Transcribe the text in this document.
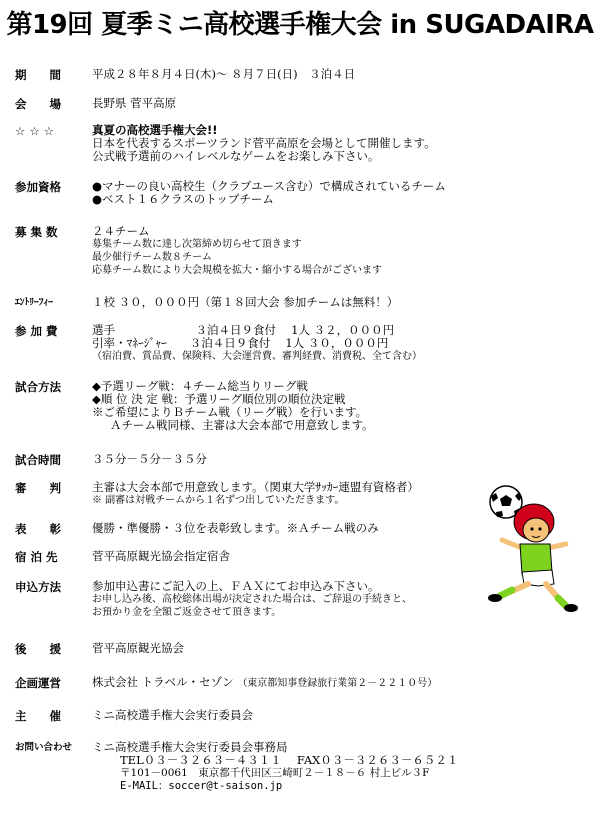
第19回 夏季ミニ高校選手権大会 in SUGADAIRA
期　　間	平成２８年８月４日(木)～ ８月７日(日)　３泊４日
会　　場	長野県 菅平高原
☆ ☆ ☆	真夏の高校選手権大会!!
日本を代表するスポーツランド菅平高原を会場として開催します。
公式戦予選前のハイレベルなゲームをお楽しみ下さい。
参加資格	●マナーの良い高校生（クラブユース含む）で構成されているチーム
●ベスト１６クラスのトップチーム
募 集 数	２４チーム
募集チーム数に達し次第締め切らせて頂きます
最少催行チーム数８チーム
応募チーム数により大会規模を拡大・縮小する場合がございます
ｴﾝﾄﾘｰﾌｨｰ	１校 ３０，０００円（第１８回大会 参加チームは無料！）
参 加 費	選手　　　　　　　３泊４日９食付　 1人 ３２，０００円
引率・ﾏﾈｰｼﾞｬｰ　　３泊４日９食付　 1人 ３０，０００円
（宿泊費、賞品費、保険料、大会運営費、審判経費、消費税、全て含む）
試合方法	◆予選リーグ戦：４チーム総当りリーグ戦
◆順 位 決 定 戦：予選リーグ順位別の順位決定戦
※ご希望によりＢチーム戦（リーグ戦）を行います。
Ａチーム戦同様、主審は大会本部で用意致します。
試合時間	３５分－５分－３５分
審　　判	主審は大会本部で用意致します。（関東大学ｻｯｶｰ連盟有資格者）
※ 副審は対戦チームから１名ずつ出していただきます。
表　　彰	優勝・準優勝・３位を表彰致します。※Ａチーム戦のみ
宿 泊 先	菅平高原観光協会指定宿舎
申込方法	参加申込書にご記入の上、ＦＡＸにてお申込み下さい。
お申し込み後、高校総体出場が決定された場合は、ご辞退の手続きと、
お預かり金を全額ご返金させて頂きます。
後　　援	菅平高原観光協会
企画運営	株式会社 トラベル・セゾン （東京都知事登録旅行業第２－２２１０号）
主　　催	ミニ高校選手権大会実行委員会
お問い合わせ ミニ高校選手権大会実行委員会事務局
TEL０３－３２６３－４３１１　 FAX０３－３２６３－６５２１
〒101－0061　東京都千代田区三崎町２－１８－６ 村上ビル３F
E-MAIL：soccer@t-saison.jp
